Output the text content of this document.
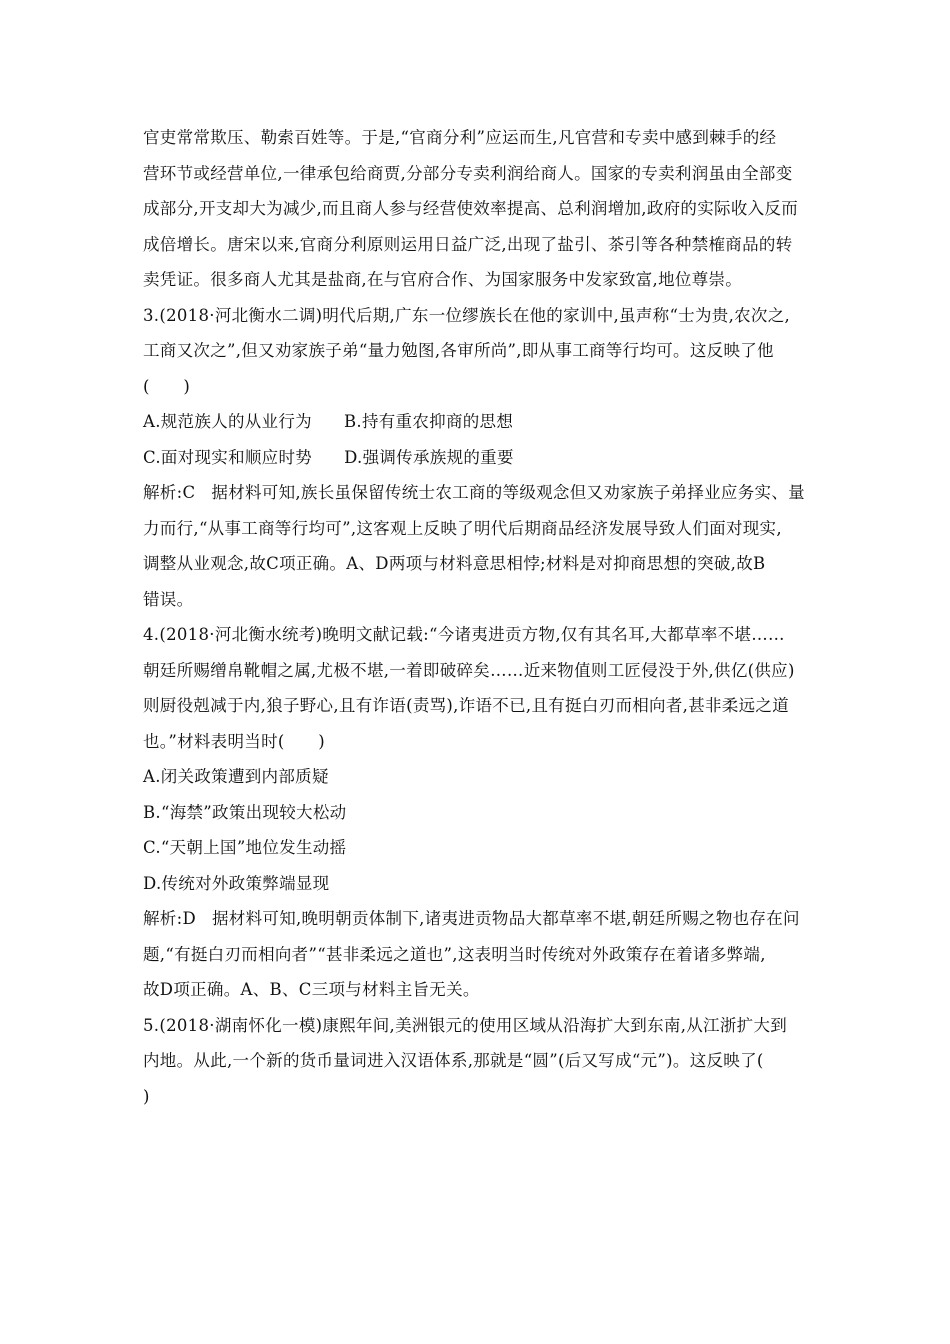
官吏常常欺压、勒索百姓等。于是,“官商分利”应运而生,凡官营和专卖中感到棘手的经
营环节或经营单位,一律承包给商贾,分部分专卖利润给商人。国家的专卖利润虽由全部变
成部分,开支却大为减少,而且商人参与经营使效率提高、总利润增加,政府的实际收入反而
成倍增长。唐宋以来,官商分利原则运用日益广泛,出现了盐引、茶引等各种禁榷商品的转
卖凭证。很多商人尤其是盐商,在与官府合作、为国家服务中发家致富,地位尊崇。
3.(2018·河北衡水二调)明代后期,广东一位缪族长在他的家训中,虽声称“士为贵,农次之,
工商又次之”,但又劝家族子弟“量力勉图,各审所尚”,即从事工商等行均可。这反映了他
(　　)
A.规范族人的从业行为 B.持有重农抑商的思想
C.面对现实和顺应时势 D.强调传承族规的重要
解析:C 据材料可知,族长虽保留传统士农工商的等级观念但又劝家族子弟择业应务实、量
力而行,“从事工商等行均可”,这客观上反映了明代后期商品经济发展导致人们面对现实,
调整从业观念,故C项正确。A、D两项与材料意思相悖;材料是对抑商思想的突破,故B
错误。
4.(2018·河北衡水统考)晚明文献记载:“今诸夷进贡方物,仅有其名耳,大都草率不堪……
朝廷所赐缯帛靴帽之属,尤极不堪,一着即破碎矣……近来物值则工匠侵没于外,供亿(供应)
则厨役剋减于内,狼子野心,且有诈语(责骂),诈语不已,且有挺白刃而相向者,甚非柔远之道
也。”材料表明当时(　　)
A.闭关政策遭到内部质疑
B.“海禁”政策出现较大松动
C.“天朝上国”地位发生动摇
D.传统对外政策弊端显现
解析:D 据材料可知,晚明朝贡体制下,诸夷进贡物品大都草率不堪,朝廷所赐之物也存在问
题,“有挺白刃而相向者”“甚非柔远之道也”,这表明当时传统对外政策存在着诸多弊端,
故D项正确。A、B、C三项与材料主旨无关。
5.(2018·湖南怀化一模)康熙年间,美洲银元的使用区域从沿海扩大到东南,从江浙扩大到
内地。从此,一个新的货币量词进入汉语体系,那就是“圆”(后又写成“元”)。这反映了(
)
